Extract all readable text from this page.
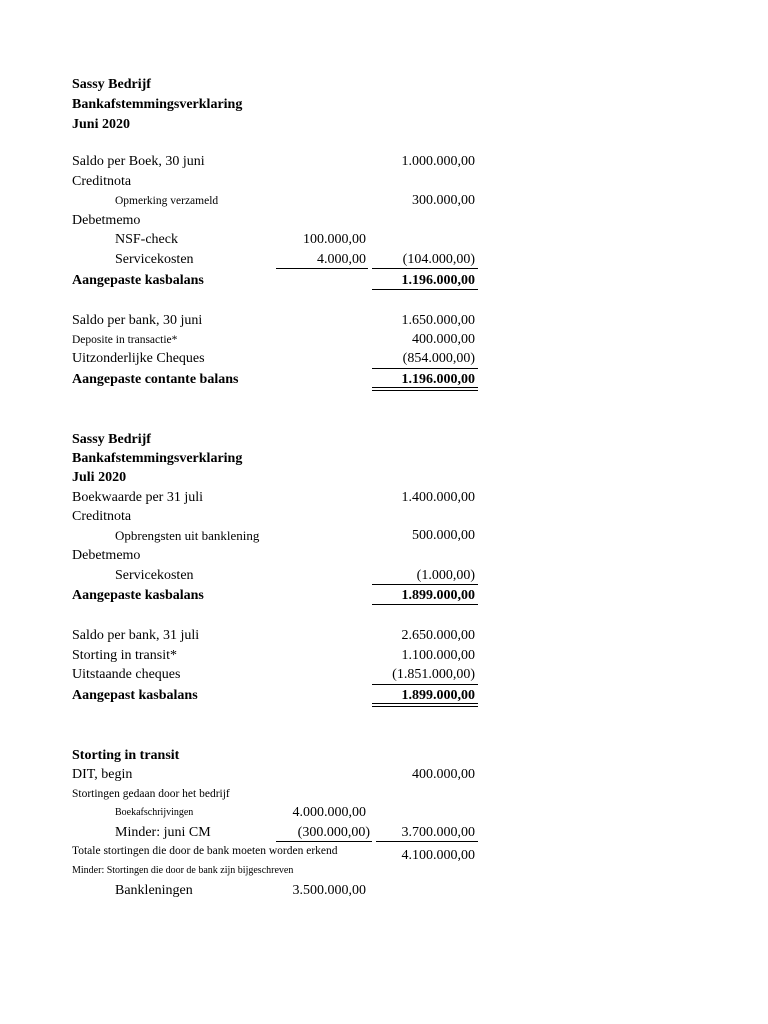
Sassy Bedrijf
Bankafstemmingsverklaring
Juni 2020
Saldo per Boek, 30 juni	1.000.000,00
Creditnota
Opmerking verzameld	300.000,00
Debetmemo
NSF-check	100.000,00
Servicekosten	4.000,00	(104.000,00)
Aangepaste kasbalans	1.196.000,00
Saldo per bank, 30 juni	1.650.000,00
Deposite in transactie*	400.000,00
Uitzonderlijke Cheques	(854.000,00)
Aangepaste contante balans	1.196.000,00
Sassy Bedrijf
Bankafstemmingsverklaring
Juli 2020
Boekwaarde per 31 juli	1.400.000,00
Creditnota
Opbrengsten uit banklening	500.000,00
Debetmemo
Servicekosten	(1.000,00)
Aangepaste kasbalans	1.899.000,00
Saldo per bank, 31 juli	2.650.000,00
Storting in transit*	1.100.000,00
Uitstaande cheques	(1.851.000,00)
Aangepast kasbalans	1.899.000,00
Storting in transit
DIT, begin	400.000,00
Stortingen gedaan door het bedrijf
Boekafschrijvingen	4.000.000,00
Minder: juni CM	(300.000,00) 3.700.000,00
Totale stortingen die door de bank moeten worden erkend	4.100.000,00
Minder: Stortingen die door de bank zijn bijgeschreven
Bankleningen	3.500.000,00
